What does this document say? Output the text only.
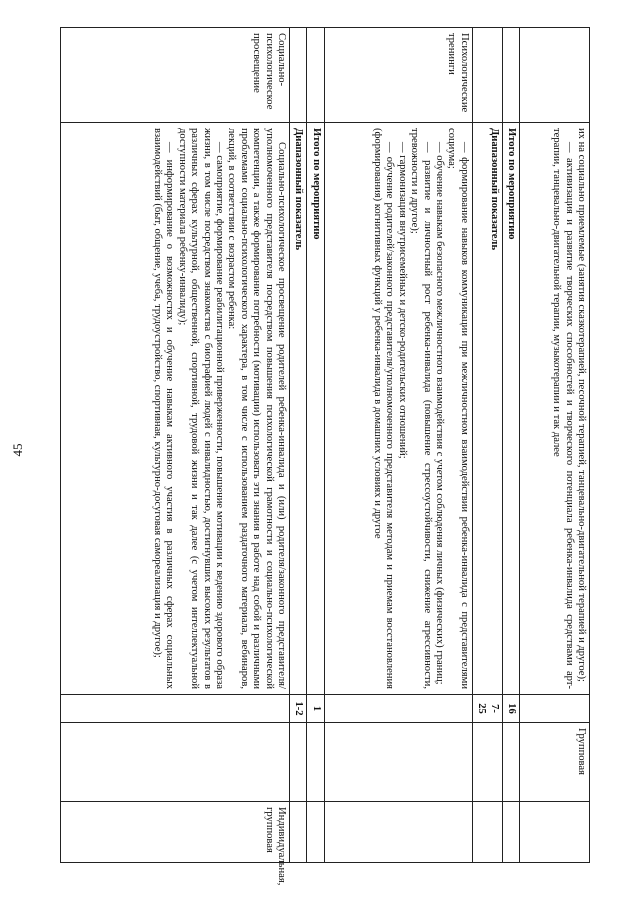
45

	их на социально приемлемые (занятия сказкотерапией, песочной терапией, танцевально-двигательной терапией и другое);

— активизация и развитие творческих способностей и творческого потенциала ребенка-инвалида средствами арт-терапии, танцевально-двигательной терапии, музыкотерапии и так далее		Групповая	
	Итого по мероприятию	16		
	Диапазонный показатель	7-25		
Психологические тренинги	— формирование навыков коммуникации при межличностном взаимодействии ребенка-инвалида с представителями социума;

— обучение навыкам безопасного межличностного взаимодействия с учетом соблюдения личных (физических) границ;

— развитие и личностный рост ребенка-инвалида (повышение стрессоустойчивости, снижение агрессивности, тревожности и другое);

— гармонизация внутрисемейных и детско-родительских отношений;

— обучение родителей/законного представителя/уполномоченного представителя методам и приемам восстановления (формирования) когнитивных функций у ребенка-инвалида в домашних условиях и другое			

	Итого по мероприятию	1		
	Диапазонный показатель	1-2		
Социально-психологическое просвещение	Социально-психологическое просвещение родителей ребенка-инвалида и (или) родителя/законного представителя/уполномоченного представителя посредством повышения психологической грамотности и социально-психологической компетенции, а также формирование потребности (мотивации) использовать эти знания в работе над собой и различными проблемами социально-психологического характера, в том числе с использованием раздаточного материала, вебинаров, лекций, в соответствии с возрастом ребенка:

— самоприятие, формирование реабилитационной приверженности, повышение мотивации к ведению здорового образа жизни, в том числе посредством знакомства с биографией людей с инвалидностью, достигнувших высоких результатов в различных сферах культурной, общественной, спортивной, трудовой жизни и так далее (с учетом интеллектуальной доступности материала ребенку-инвалиду);

— информирование о возможностях и обучение навыкам активного участия в различных сферах социальных взаимодействий (быт, общение, учеба, трудоустройство, спортивная, культурно-досуговая самореализация и другое);			Индивидуальная, групповая
